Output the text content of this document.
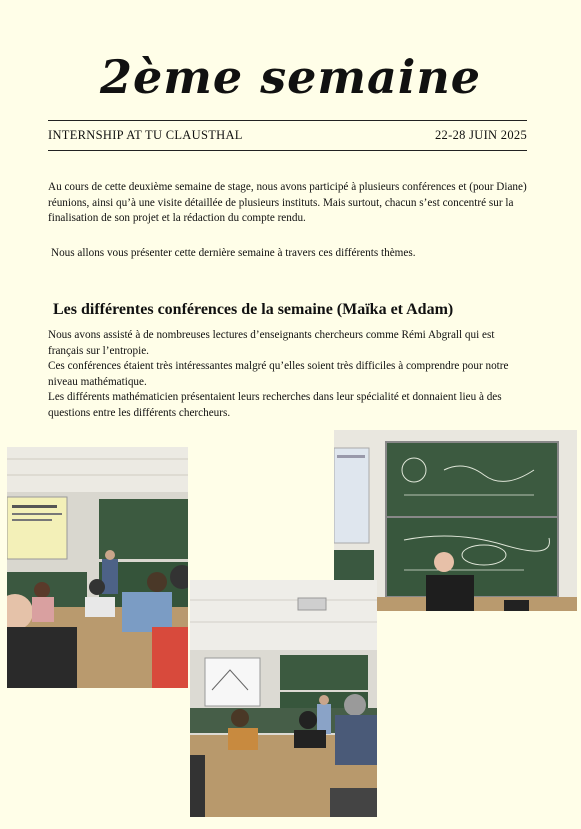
2ème semaine
INTERNSHIP AT TU CLAUSTHAL	22-28 JUIN 2025
Au cours de cette deuxième semaine de stage, nous avons participé à plusieurs conférences et (pour Diane) réunions, ainsi qu’à une visite détaillée de plusieurs instituts. Mais surtout, chacun s’est concentré sur la finalisation de son projet et la rédaction du compte rendu.
Nous allons vous présenter cette dernière semaine à travers ces différents thèmes.
Les différentes conférences de la semaine (Maïka et Adam)
Nous avons assisté à de nombreuses lectures d’enseignants chercheurs comme Rémi Abgrall qui est français sur l’entropie.
Ces conférences étaient très intéressantes malgré qu’elles soient très difficiles à comprendre pour notre niveau mathématique.
Les différents mathématicien présentaient leurs recherches dans leur spécialité et donnaient lieu à des questions entre les différents chercheurs.
